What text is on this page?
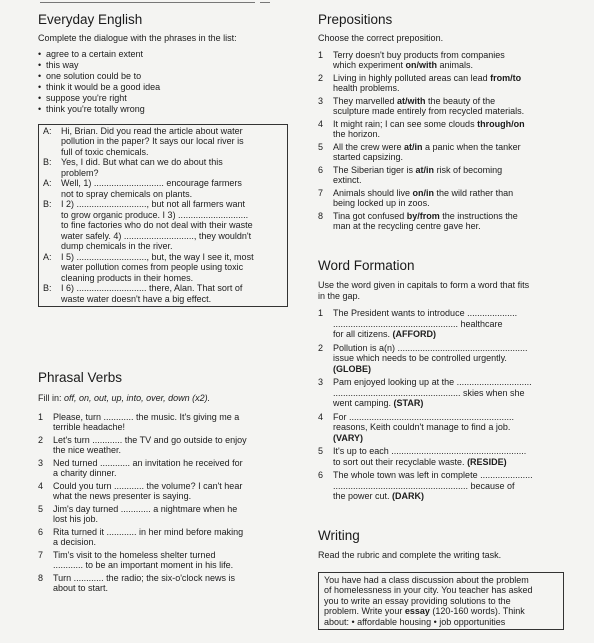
Everyday English
Complete the dialogue with the phrases in the list:
• agree to a certain extent
• this way
• one solution could be to
• think it would be a good idea
• suppose you're right
• think you're totally wrong
A:	Hi, Brian. Did you read the article about water
pollution in the paper? It says our local river is
full of toxic chemicals.
B:	Yes, I did. But what can we do about this
problem?
A:	Well, 1) ............................ encourage farmers
not to spray chemicals on plants.
B:	I 2) ............................, but not all farmers want
to grow organic produce. I 3) ............................
to fine factories who do not deal with their waste
water safely. 4) ............................, they wouldn't
dump chemicals in the river.
A:	I 5) ............................, but, the way I see it, most
water pollution comes from people using toxic
cleaning products in their homes.
B:	I 6) ............................ there, Alan. That sort of
waste water doesn't have a big effect.
Phrasal Verbs
Fill in: off, on, out, up, into, over, down (x2).
1	Please, turn ............ the music. It's giving me a
terrible headache!
2	Let's turn ............ the TV and go outside to enjoy
the nice weather.
3	Ned turned ............ an invitation he received for
a charity dinner.
4	Could you turn ............ the volume? I can't hear
what the news presenter is saying.
5	Jim's day turned ............ a nightmare when he
lost his job.
6	Rita turned it ............ in her mind before making
a decision.
7	Tim's visit to the homeless shelter turned
............ to be an important moment in his life.
8	Turn ............ the radio; the six-o'clock news is
about to start.
Prepositions
Choose the correct preposition.
1	Terry doesn't buy products from companies
which experiment on/with animals.
2	Living in highly polluted areas can lead from/to
health problems.
3	They marvelled at/with the beauty of the
sculpture made entirely from recycled materials.
4	It might rain; I can see some clouds through/on
the horizon.
5	All the crew were at/in a panic when the tanker
started capsizing.
6	The Siberian tiger is at/in risk of becoming
extinct.
7	Animals should live on/in the wild rather than
being locked up in zoos.
8	Tina got confused by/from the instructions the
man at the recycling centre gave her.
Word Formation
Use the word given in capitals to form a word that fits
in the gap.
1	The President wants to introduce ....................
.................................................. healthcare
for all citizens. (AFFORD)
2	Pollution is a(n) ....................................................
issue which needs to be controlled urgently.
(GLOBE)
3	Pam enjoyed looking up at the ..............................
................................................... skies when she
went camping. (STAR)
4	For ..................................................................
reasons, Keith couldn't manage to find a job.
(VARY)
5	It's up to each ......................................................
to sort out their recyclable waste. (RESIDE)
6	The whole town was left in complete .....................
...................................................... because of
the power cut. (DARK)
Writing
Read the rubric and complete the writing task.
You have had a class discussion about the problem
of homelessness in your city. You teacher has asked
you to write an essay providing solutions to the
problem. Write your essay (120-160 words). Think
about: • affordable housing • job opportunities
